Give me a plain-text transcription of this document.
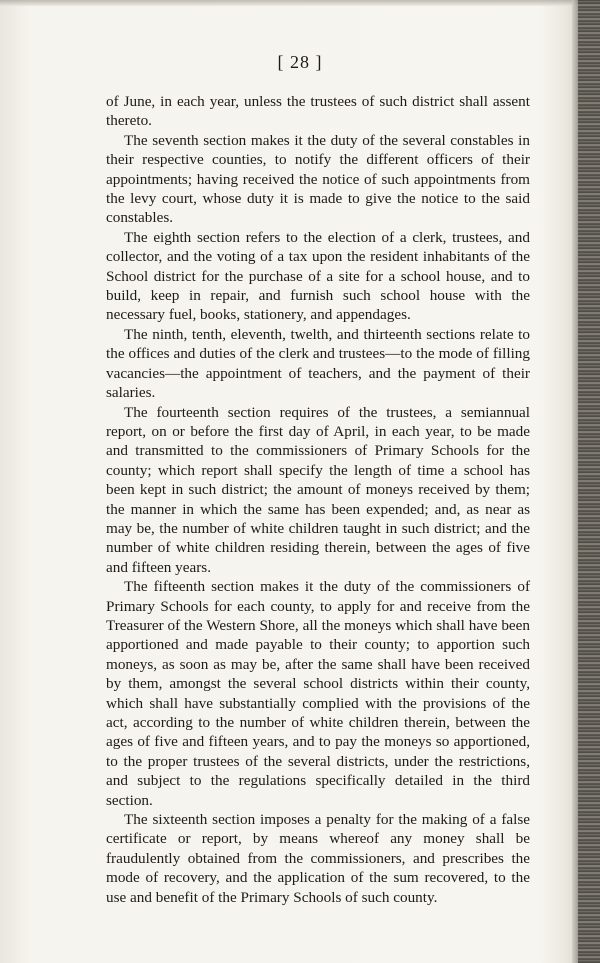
[ 28 ]

of June, in each year, unless the trustees of such district shall assent thereto.

The seventh section makes it the duty of the several constables in their respective counties, to notify the different officers of their appointments; having received the notice of such appointments from the levy court, whose duty it is made to give the notice to the said constables.

The eighth section refers to the election of a clerk, trustees, and collector, and the voting of a tax upon the resident inhabitants of the School district for the purchase of a site for a school house, and to build, keep in repair, and furnish such school house with the necessary fuel, books, stationery, and appendages.

The ninth, tenth, eleventh, twelth, and thirteenth sections relate to the offices and duties of the clerk and trustees—to the mode of filling vacancies—the appointment of teachers, and the payment of their salaries.

The fourteenth section requires of the trustees, a semiannual report, on or before the first day of April, in each year, to be made and transmitted to the commissioners of Primary Schools for the county; which report shall specify the length of time a school has been kept in such district; the amount of moneys received by them; the manner in which the same has been expended; and, as near as may be, the number of white children taught in such district; and the number of white children residing therein, between the ages of five and fifteen years.

The fifteenth section makes it the duty of the commissioners of Primary Schools for each county, to apply for and receive from the Treasurer of the Western Shore, all the moneys which shall have been apportioned and made payable to their county; to apportion such moneys, as soon as may be, after the same shall have been received by them, amongst the several school districts within their county, which shall have substantially complied with the provisions of the act, according to the number of white children therein, between the ages of five and fifteen years, and to pay the moneys so apportioned, to the proper trustees of the several districts, under the restrictions, and subject to the regulations specifically detailed in the third section.

The sixteenth section imposes a penalty for the making of a false certificate or report, by means whereof any money shall be fraudulently obtained from the commissioners, and prescribes the mode of recovery, and the application of the sum recovered, to the use and benefit of the Primary Schools of such county.
